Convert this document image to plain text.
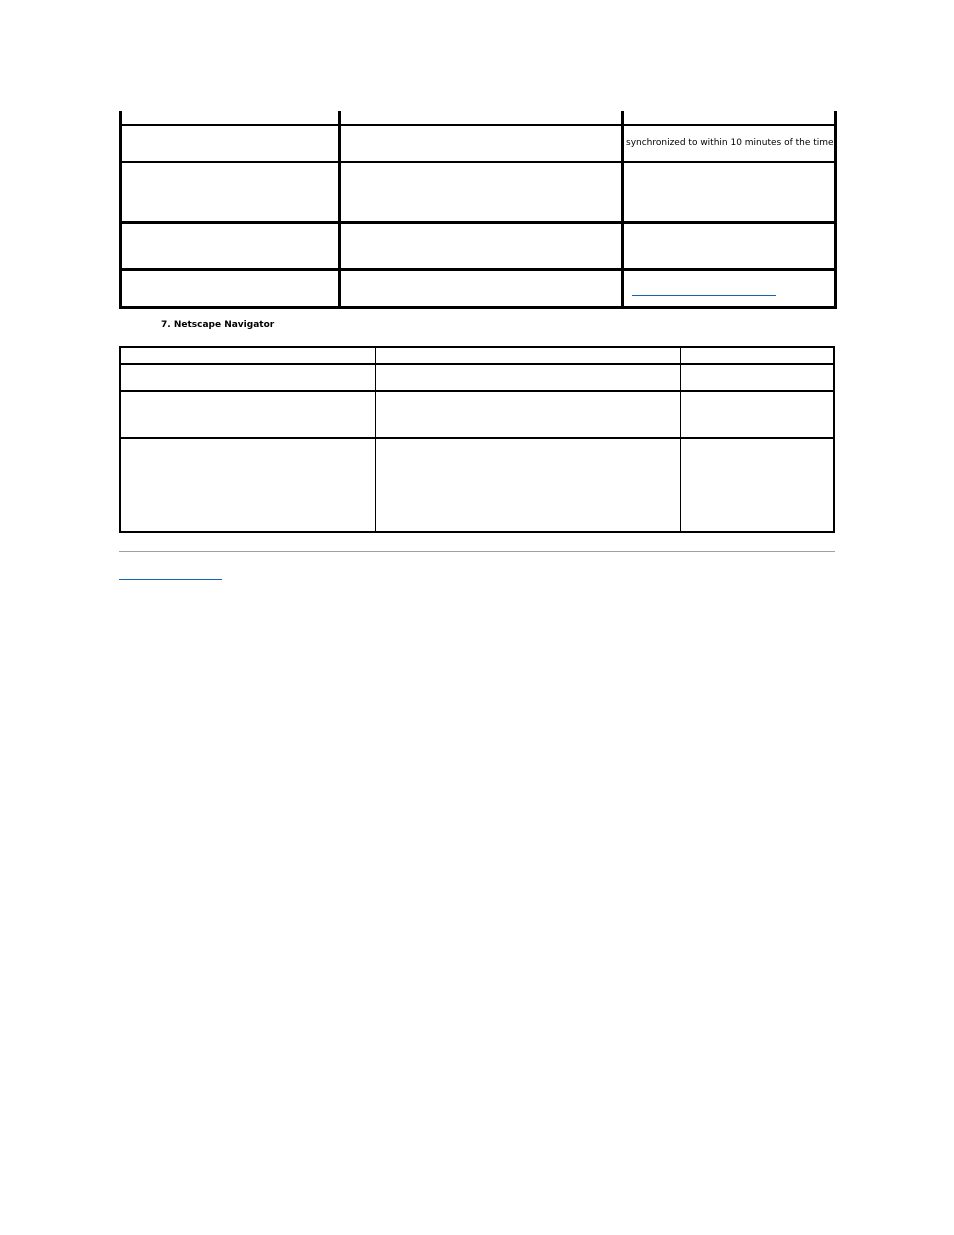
		synchronized to within 10 minutes of the time

7. Netscape Navigator
